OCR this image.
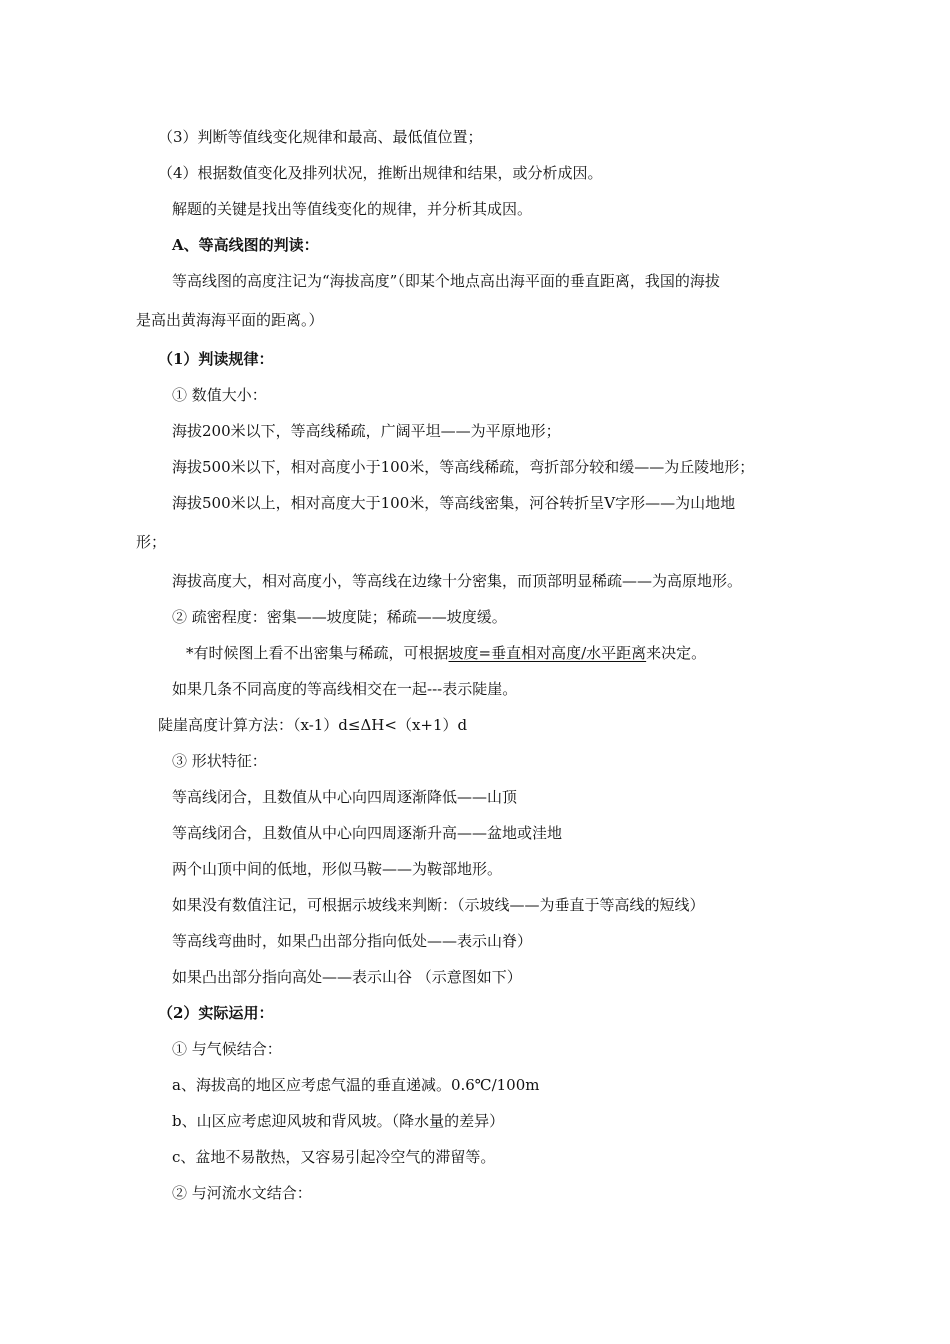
（3）判断等值线变化规律和最高、最低值位置；
（4）根据数值变化及排列状况，推断出规律和结果，或分析成因。
解题的关键是找出等值线变化的规律，并分析其成因。
A、等高线图的判读：
等高线图的高度注记为“海拔高度”（即某个地点高出海平面的垂直距离，我国的海拔
是高出黄海海平面的距离。）
（1）判读规律：
① 数值大小：
海拔200米以下，等高线稀疏，广阔平坦——为平原地形；
海拔500米以下，相对高度小于100米，等高线稀疏，弯折部分较和缓——为丘陵地形；
海拔500米以上，相对高度大于100米，等高线密集，河谷转折呈V字形——为山地地
形；
海拔高度大，相对高度小，等高线在边缘十分密集，而顶部明显稀疏——为高原地形。
② 疏密程度：密集——坡度陡；稀疏——坡度缓。
*有时候图上看不出密集与稀疏，可根据坡度=垂直相对高度/水平距离来决定。
如果几条不同高度的等高线相交在一起---表示陡崖。
陡崖高度计算方法：（x-1）d≤ΔH<（x+1）d
③ 形状特征：
等高线闭合，且数值从中心向四周逐渐降低——山顶
等高线闭合，且数值从中心向四周逐渐升高——盆地或洼地
两个山顶中间的低地，形似马鞍——为鞍部地形。
如果没有数值注记，可根据示坡线来判断：（示坡线——为垂直于等高线的短线）
等高线弯曲时，如果凸出部分指向低处——表示山脊）
如果凸出部分指向高处——表示山谷 （示意图如下）
（2）实际运用：
① 与气候结合：
a、海拔高的地区应考虑气温的垂直递减。0.6℃/100m
b、山区应考虑迎风坡和背风坡。（降水量的差异）
c、盆地不易散热，又容易引起冷空气的滞留等。
② 与河流水文结合：
